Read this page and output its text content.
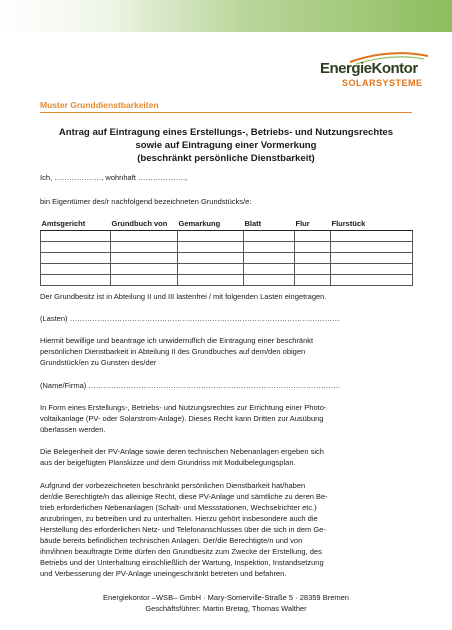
EnergieKontor
SOLARSYSTEME
Muster Grunddienstbarkeiten
Antrag auf Eintragung eines Erstellungs-, Betriebs- und Nutzungsrechtes
sowie auf Eintragung einer Vormerkung
(beschränkt persönliche Dienstbarkeit)
Ich, ………………., wohnhaft ……………….,
bin Eigentümer des/r nachfolgend bezeichneten Grundstücks/e:
Amtsgericht	Grundbuch von	Gemarkung	Blatt	Flur	Flurstück

Der Grundbesitz ist in Abteilung II und III lastenfrei / mit folgenden Lasten eingetragen.
(Lasten) ………………………………………………………………………………………………
Hiermit bewillige und beantrage ich unwiderruflich die Eintragung einer beschränkt
persönlichen Dienstbarkeit in Abteilung II des Grundbuches auf dem/den obigen
Grundstück/en zu Gunsten des/der
(Name/Firma) ………………………………………………………………………………………..
In Form eines Erstellungs-, Betriebs- und Nutzungsrechtes zur Errichtung einer Photo-
voltaikanlage (PV- oder Solarstrom-Anlage). Dieses Recht kann Dritten zur Ausübung
überlassen werden.
Die Belegenheit der PV-Anlage sowie deren technischen Nebenanlagen ergeben sich
aus der beigefügten Planskizze und dem Grundriss mit Modulbelegungsplan.
Aufgrund der vorbezeichneten beschränkt persönlichen Dienstbarkeit hat/haben
der/die Berechtigte/n das alleinige Recht, diese PV-Anlage und sämtliche zu deren Be-
trieb erforderlichen Nebenanlagen (Schalt- und Messstationen, Wechselrichter etc.)
anzubringen, zu betreiben und zu unterhalten. Hierzu gehört insbesondere auch die
Herstellung des erforderlichen Netz- und Telefonanschlusses über die sich in dem Ge-
bäude bereits befindlichen technischen Anlagen. Der/die Berechtigte/n und von
ihm/ihnen beauftragte Dritte dürfen den Grundbesitz zum Zwecke der Erstellung, des
Betriebs und der Unterhaltung einschließlich der Wartung, Inspektion, Instandsetzung
und Verbesserung der PV-Anlage uneingeschränkt betreten und befahren.
Energiekontor –WSB– GmbH · Mary-Somerville-Straße 5 · 28359 Bremen
Geschäftsführer: Martin Bretag, Thomas Walther
